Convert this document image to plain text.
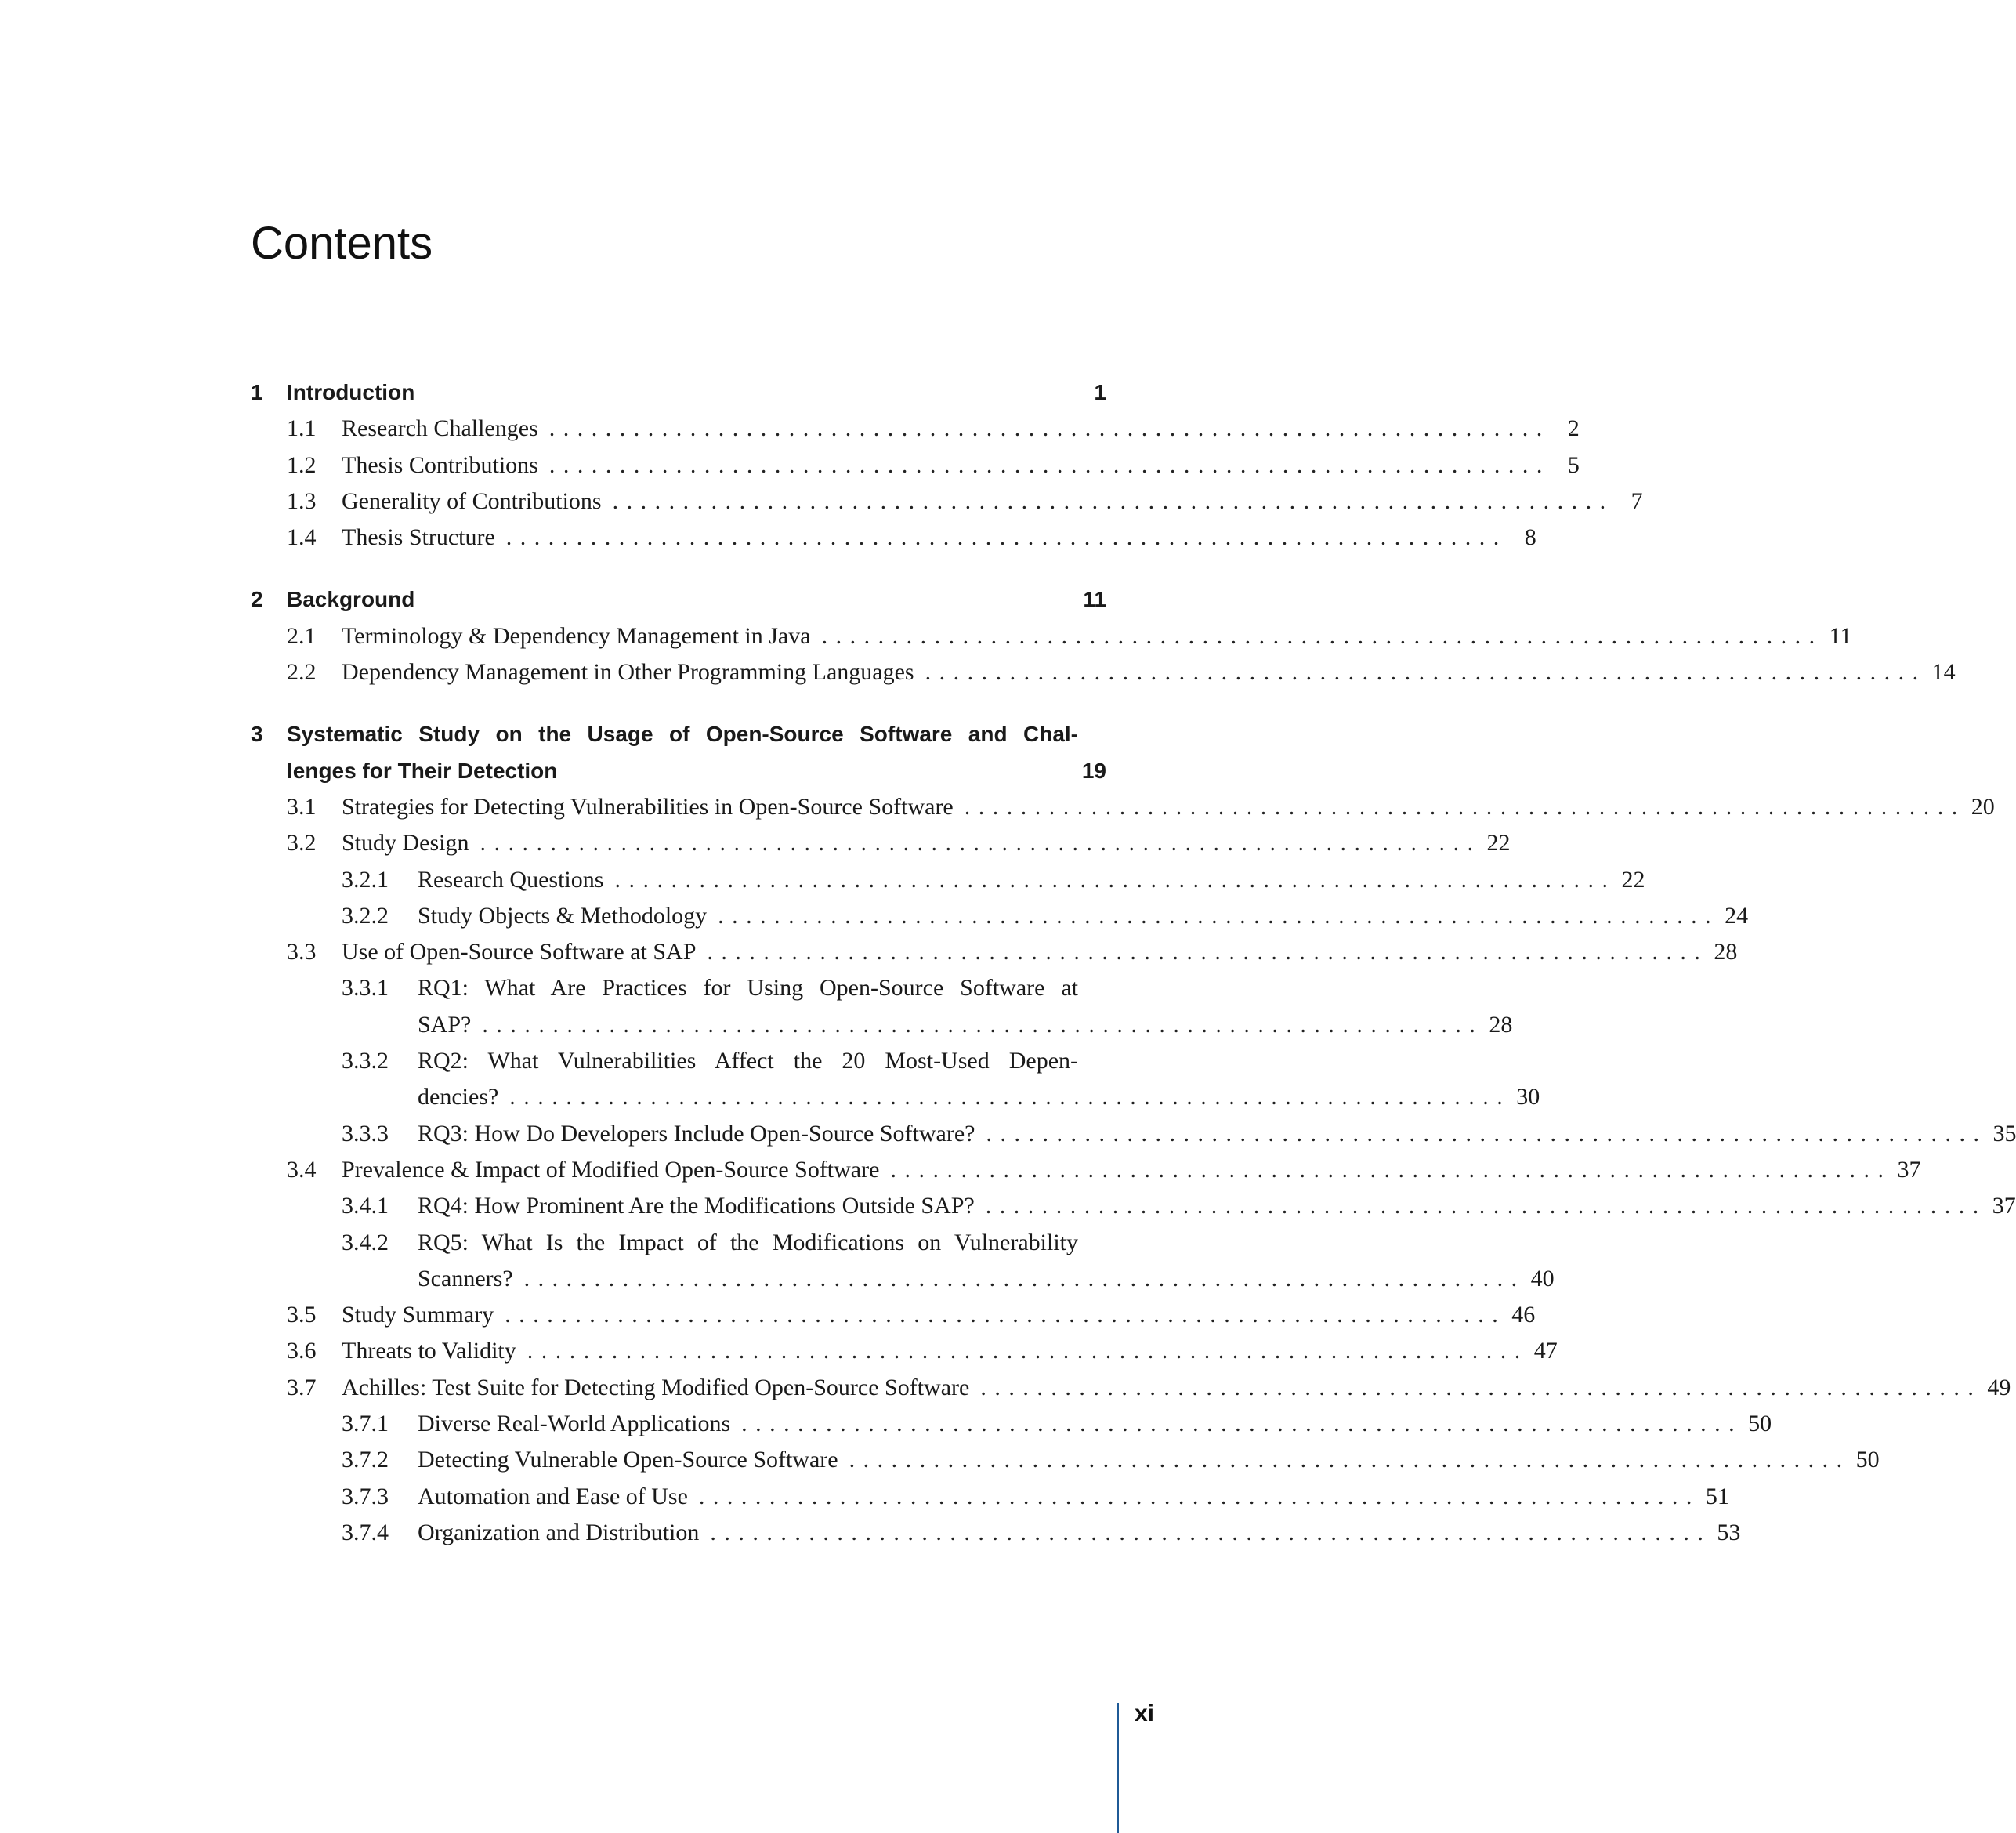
Contents
1	Introduction	1
1.1	Research Challenges . . .	2
1.2	Thesis Contributions . . .	5
1.3	Generality of Contributions . . .	7
1.4	Thesis Structure . . .	8
2	Background	11
2.1	Terminology & Dependency Management in Java . . .	11
2.2	Dependency Management in Other Programming Languages . . .	14
3	Systematic Study on the Usage of Open-Source Software and Chal-
lenges for Their Detection	19
3.1	Strategies for Detecting Vulnerabilities in Open-Source Software . . .	20
3.2	Study Design . . .	22
3.2.1	Research Questions . . .	22
3.2.2	Study Objects & Methodology . . .	24
3.3	Use of Open-Source Software at SAP . . .	28
3.3.1	RQ1: What Are Practices for Using Open-Source Software at
SAP? . . .	28
3.3.2	RQ2: What Vulnerabilities Affect the 20 Most-Used Depen-
dencies? . . .	30
3.3.3	RQ3: How Do Developers Include Open-Source Software? . . .	35
3.4	Prevalence & Impact of Modified Open-Source Software . . .	37
3.4.1	RQ4: How Prominent Are the Modifications Outside SAP? . . .	37
3.4.2	RQ5: What Is the Impact of the Modifications on Vulnerability
Scanners? . . .	40
3.5	Study Summary . . .	46
3.6	Threats to Validity . . .	47
3.7	Achilles: Test Suite for Detecting Modified Open-Source Software . . .	49
3.7.1	Diverse Real-World Applications . . .	50
3.7.2	Detecting Vulnerable Open-Source Software . . .	50
3.7.3	Automation and Ease of Use . . .	51
3.7.4	Organization and Distribution . . .	53
xi
